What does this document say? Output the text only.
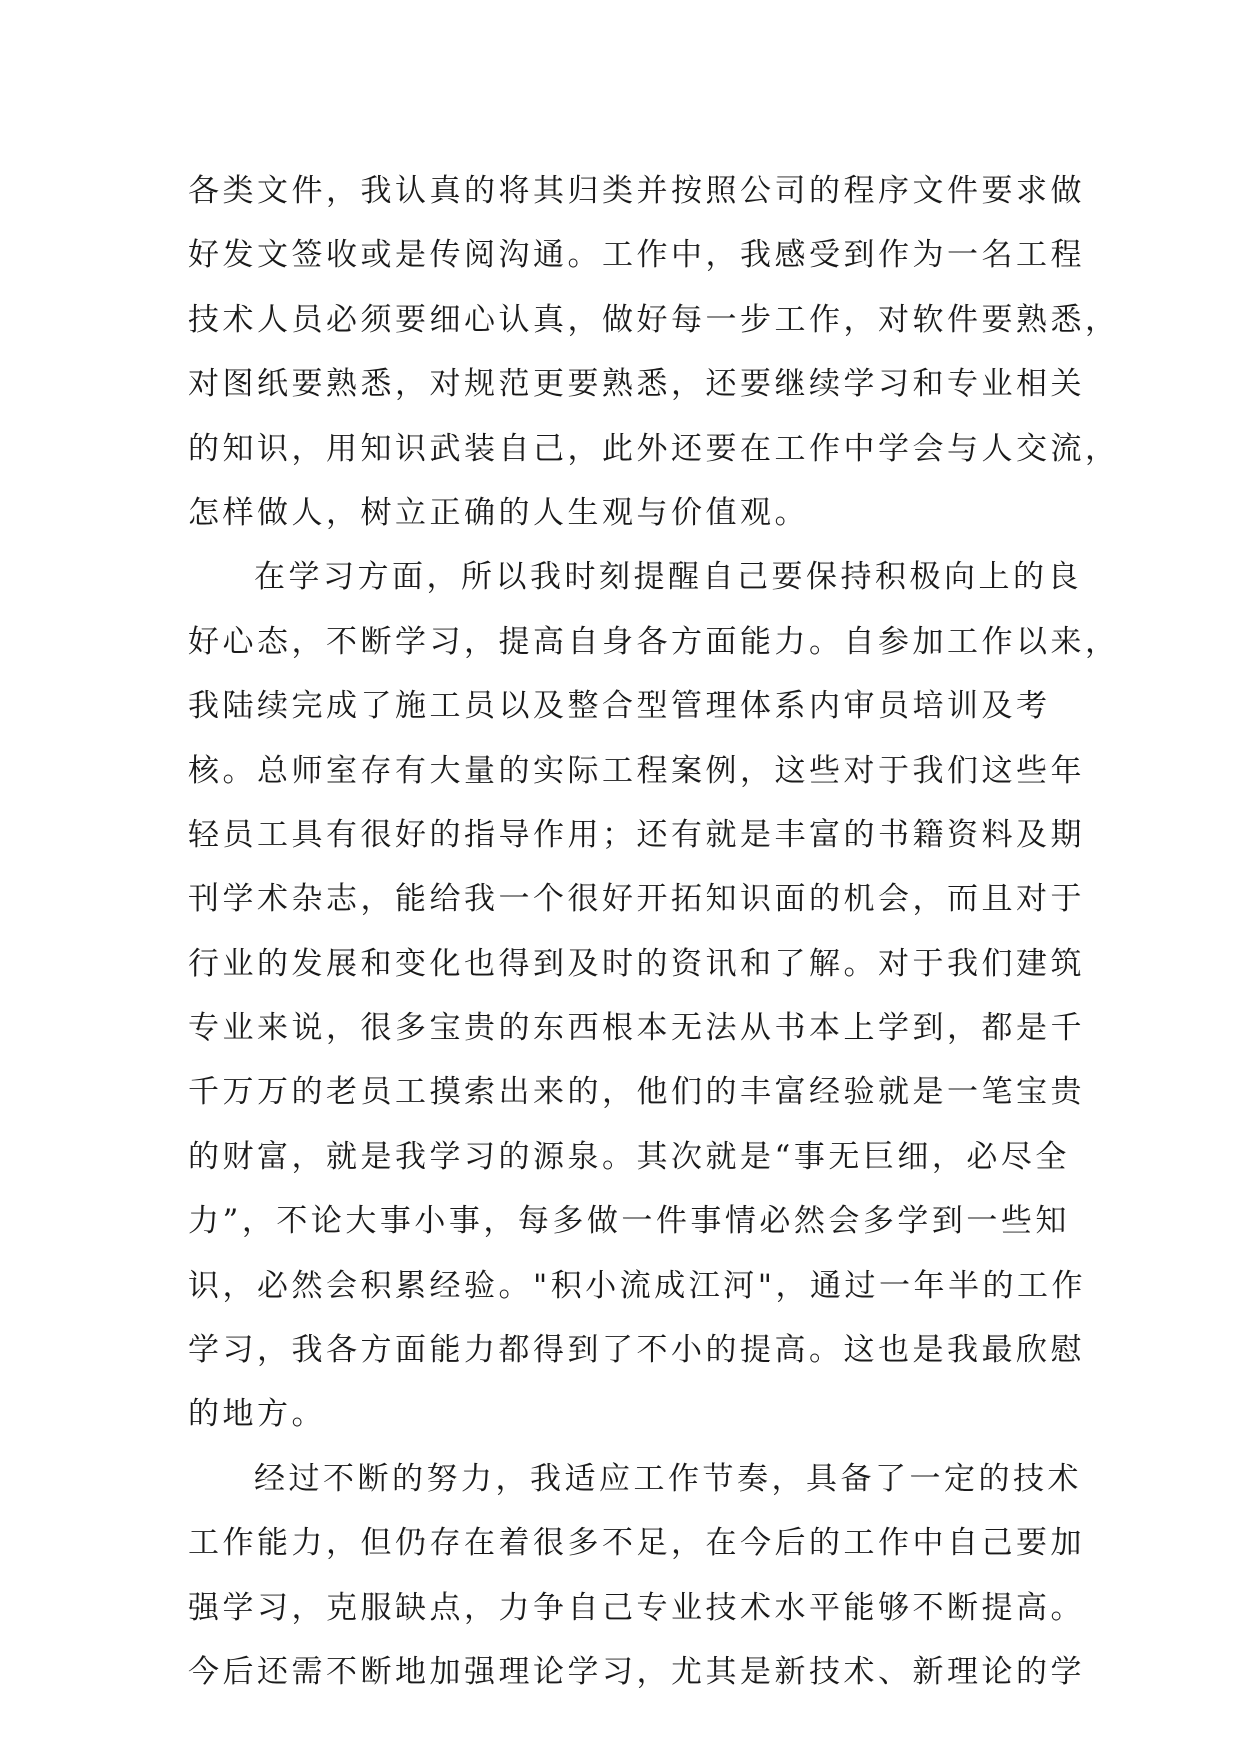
各类文件，我认真的将其归类并按照公司的程序文件要求做
好发文签收或是传阅沟通。工作中，我感受到作为一名工程
技术人员必须要细心认真，做好每一步工作，对软件要熟悉，
对图纸要熟悉，对规范更要熟悉，还要继续学习和专业相关
的知识，用知识武装自己，此外还要在工作中学会与人交流，
怎样做人，树立正确的人生观与价值观。
在学习方面，所以我时刻提醒自己要保持积极向上的良
好心态，不断学习，提高自身各方面能力。自参加工作以来，
我陆续完成了施工员以及整合型管理体系内审员培训及考
核。总师室存有大量的实际工程案例，这些对于我们这些年
轻员工具有很好的指导作用；还有就是丰富的书籍资料及期
刊学术杂志，能给我一个很好开拓知识面的机会，而且对于
行业的发展和变化也得到及时的资讯和了解。对于我们建筑
专业来说，很多宝贵的东西根本无法从书本上学到，都是千
千万万的老员工摸索出来的，他们的丰富经验就是一笔宝贵
的财富，就是我学习的源泉。其次就是“事无巨细，必尽全
力”，不论大事小事，每多做一件事情必然会多学到一些知
识，必然会积累经验。"积小流成江河"，通过一年半的工作
学习，我各方面能力都得到了不小的提高。这也是我最欣慰
的地方。
经过不断的努力，我适应工作节奏，具备了一定的技术
工作能力，但仍存在着很多不足，在今后的工作中自己要加
强学习，克服缺点，力争自己专业技术水平能够不断提高。
今后还需不断地加强理论学习，尤其是新技术、新理论的学
